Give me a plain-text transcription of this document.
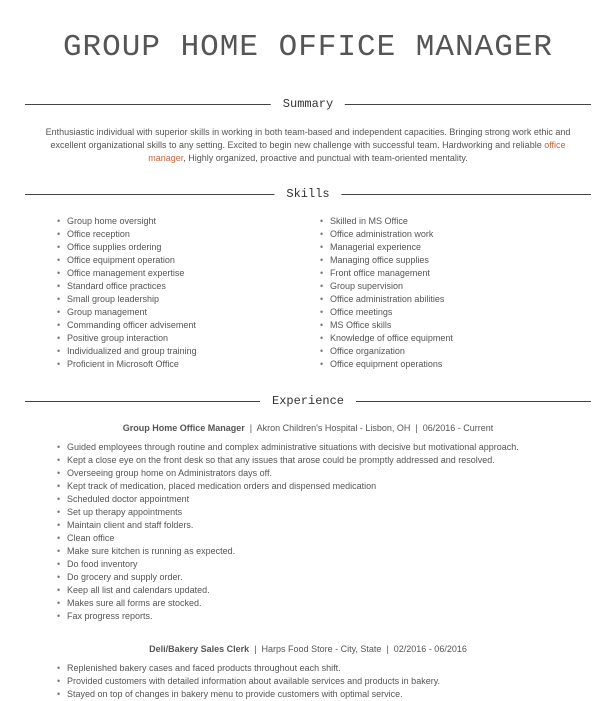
GROUP HOME OFFICE MANAGER
Summary
Enthusiastic individual with superior skills in working in both team-based and independent capacities. Bringing strong work ethic and excellent organizational skills to any setting. Excited to begin new challenge with successful team. Hardworking and reliable office manager, Highly organized, proactive and punctual with team-oriented mentality.
Skills
• Group home oversight
• Office reception
• Office supplies ordering
• Office equipment operation
• Office management expertise
• Standard office practices
• Small group leadership
• Group management
• Commanding officer advisement
• Positive group interaction
• Individualized and group training
• Proficient in Microsoft Office
• Skilled in MS Office
• Office administration work
• Managerial experience
• Managing office supplies
• Front office management
• Group supervision
• Office administration abilities
• Office meetings
• MS Office skills
• Knowledge of office equipment
• Office organization
• Office equipment operations
Experience
Group Home Office Manager  |  Akron Children's Hospital - Lisbon, OH  |  06/2016 - Current
• Guided employees through routine and complex administrative situations with decisive but motivational approach.
• Kept a close eye on the front desk so that any issues that arose could be promptly addressed and resolved.
• Overseeing group home on Administrators days off.
• Kept track of medication, placed medication orders and dispensed medication
• Scheduled doctor appointment
• Set up therapy appointments
• Maintain client and staff folders.
• Clean office
• Make sure kitchen is running as expected.
• Do food inventory
• Do grocery and supply order.
• Keep all list and calendars updated.
• Makes sure all forms are stocked.
• Fax progress reports.
Deli/Bakery Sales Clerk  |  Harps Food Store - City, State  |  02/2016 - 06/2016
• Replenished bakery cases and faced products throughout each shift.
• Provided customers with detailed information about available services and products in bakery.
• Stayed on top of changes in bakery menu to provide customers with optimal service.
